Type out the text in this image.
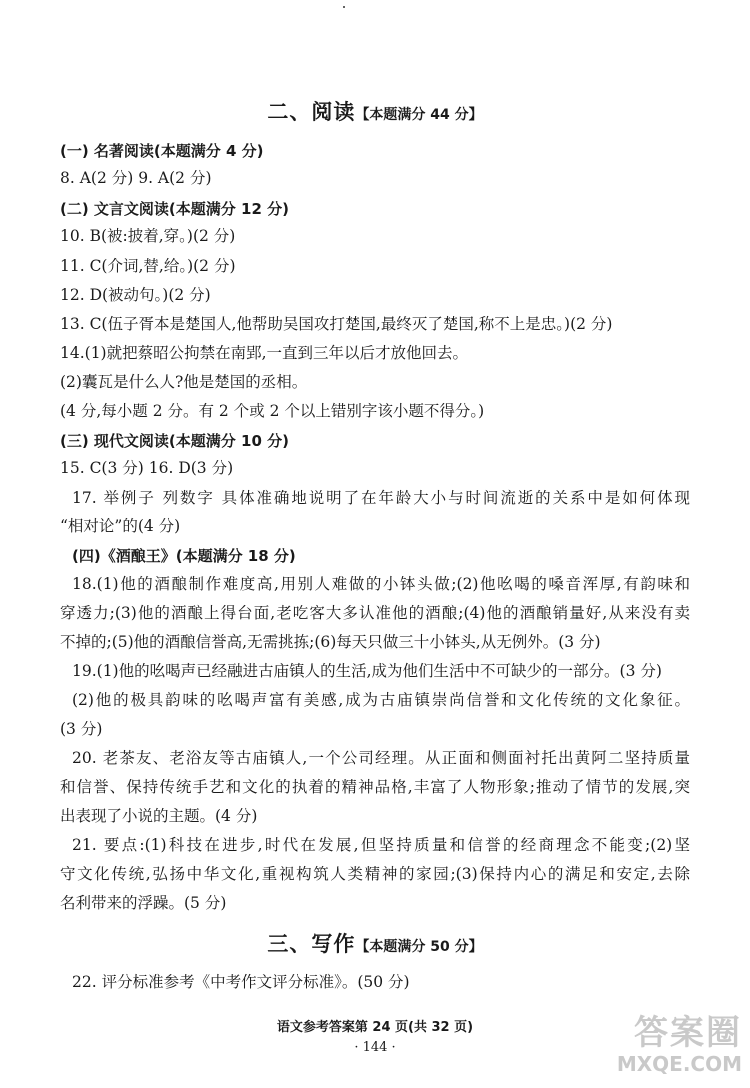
二、阅读【本题满分 44 分】
(一) 名著阅读(本题满分 4 分)
8. A(2 分) 9. A(2 分)
(二) 文言文阅读(本题满分 12 分)
10. B(被:披着,穿。)(2 分)
11. C(介词,替,给。)(2 分)
12. D(被动句。)(2 分)
13. C(伍子胥本是楚国人,他帮助吴国攻打楚国,最终灭了楚国,称不上是忠。)(2 分)
14.(1)就把蔡昭公拘禁在南郢,一直到三年以后才放他回去。
(2)囊瓦是什么人?他是楚国的丞相。
(4 分,每小题 2 分。有 2 个或 2 个以上错别字该小题不得分。)
(三) 现代文阅读(本题满分 10 分)
15. C(3 分) 16. D(3 分)
17. 举例子 列数字 具体准确地说明了在年龄大小与时间流逝的关系中是如何体现
“相对论”的(4 分)
(四)《酒酿王》(本题满分 18 分)
18.(1)他的酒酿制作难度高,用别人难做的小钵头做;(2)他吆喝的嗓音浑厚,有韵味和
穿透力;(3)他的酒酿上得台面,老吃客大多认准他的酒酿;(4)他的酒酿销量好,从来没有卖
不掉的;(5)他的酒酿信誉高,无需挑拣;(6)每天只做三十小钵头,从无例外。(3 分)
19.(1)他的吆喝声已经融进古庙镇人的生活,成为他们生活中不可缺少的一部分。(3 分)
(2)他的极具韵味的吆喝声富有美感,成为古庙镇崇尚信誉和文化传统的文化象征。
(3 分)
20. 老茶友、老浴友等古庙镇人,一个公司经理。从正面和侧面衬托出黄阿二坚持质量
和信誉、保持传统手艺和文化的执着的精神品格,丰富了人物形象;推动了情节的发展,突
出表现了小说的主题。(4 分)
21. 要点:(1)科技在进步,时代在发展,但坚持质量和信誉的经商理念不能变;(2)坚
守文化传统,弘扬中华文化,重视构筑人类精神的家园;(3)保持内心的满足和安定,去除
名利带来的浮躁。(5 分)
三、写作【本题满分 50 分】
22. 评分标准参考《中考作文评分标准》。(50 分)
语文参考答案第 24 页(共 32 页)
· 144 ·	答案圈
MXQE.COM
